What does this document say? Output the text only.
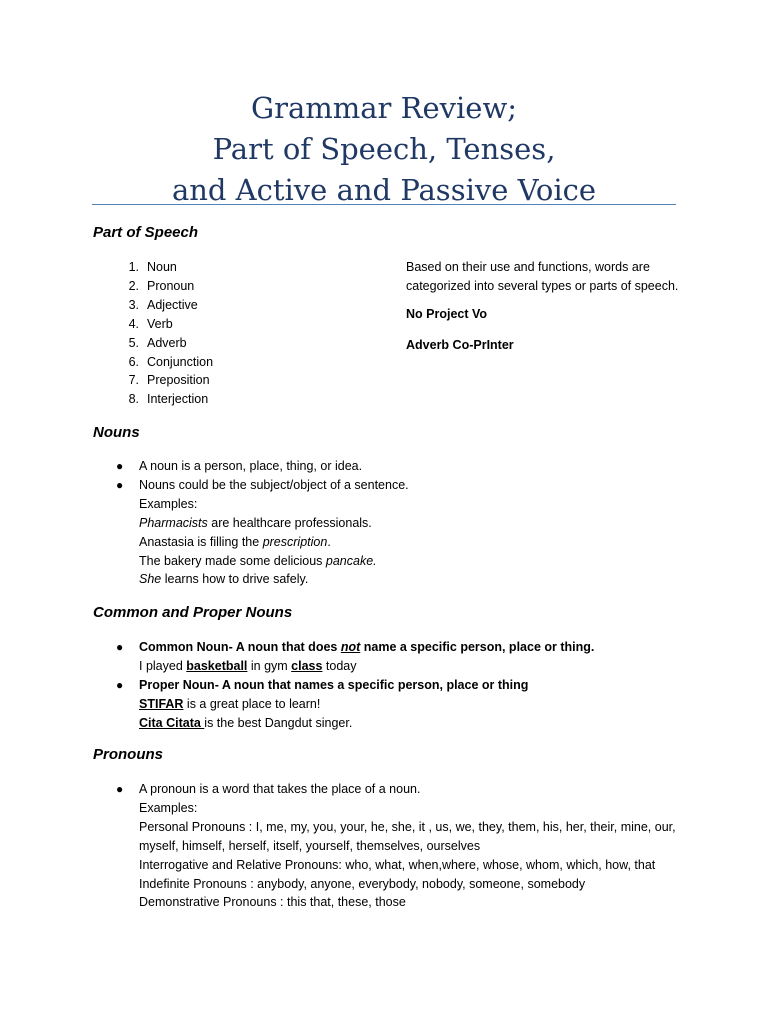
Grammar Review;
Part of Speech, Tenses,
and Active and Passive Voice
Part of Speech
1. Noun
2. Pronoun
3. Adjective
4. Verb
5. Adverb
6. Conjunction
7. Preposition
8. Interjection

Based on their use and functions, words are categorized into several types or parts of speech.

No Project Vo

Adverb Co-PrInter

Nouns
● A noun is a person, place, thing, or idea.
● Nouns could be the subject/object of a sentence.
Examples:
Pharmacists are healthcare professionals.
Anastasia is filling the prescription.
The bakery made some delicious pancake.
She learns how to drive safely.
Common and Proper Nouns
● Common Noun- A noun that does not name a specific person, place or thing.
I played basketball in gym class today
● Proper Noun- A noun that names a specific person, place or thing
STIFAR is a great place to learn!
Cita Citata is the best Dangdut singer.
Pronouns
● A pronoun is a word that takes the place of a noun.
Examples:
Personal Pronouns : I, me, my, you, your, he, she, it , us, we, they, them, his, her, their, mine, our, myself, himself, herself, itself, yourself, themselves, ourselves
Interrogative and Relative Pronouns: who, what, when,where, whose, whom, which, how, that
Indefinite Pronouns : anybody, anyone, everybody, nobody, someone, somebody
Demonstrative Pronouns : this that, these, those
